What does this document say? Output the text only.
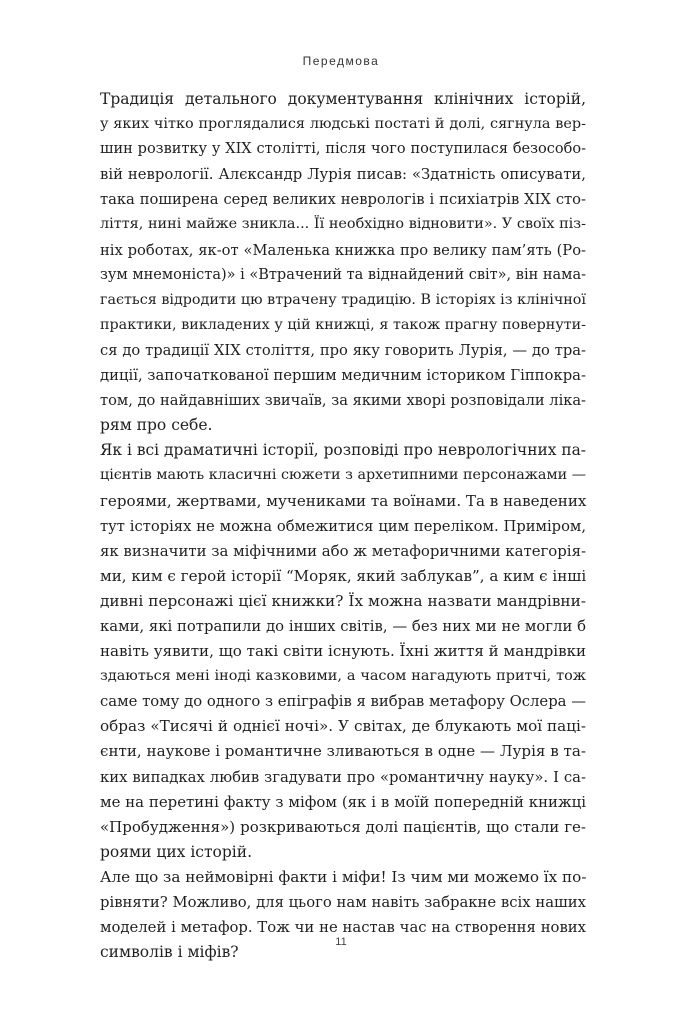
Передмова
Традиція детального документування клінічних історій,
у яких чітко проглядалися людські постаті й долі, сягнула вер-
шин розвитку у XIX столітті, після чого поступилася безособо-
вій неврології. Алєксандр Лурія писав: «Здатність описувати,
така поширена серед великих неврологів і психіатрів XIX сто-
ліття, нині майже зникла... Її необхідно відновити». У своїх піз-
ніх роботах, як-от «Маленька книжка про велику пам’ять (Ро-
зум мнемоніста)» і «Втрачений та віднайдений світ», він нама-
гається відродити цю втрачену традицію. В історіях із клінічної
практики, викладених у цій книжці, я також прагну повернути-
ся до традиції XIX століття, про яку говорить Лурія, — до тра-
диції, започаткованої першим медичним істориком Гіппокра-
том, до найдавніших звичаїв, за якими хворі розповідали ліка-
рям про себе.
Як і всі драматичні історії, розповіді про неврологічних па-
цієнтів мають класичні сюжети з архетипними персонажами —
героями, жертвами, мучениками та воїнами. Та в наведених
тут історіях не можна обмежитися цим переліком. Приміром,
як визначити за міфічними або ж метафоричними категорія-
ми, ким є герой історії “Моряк, який заблукав”, а ким є інші
дивні персонажі цієї книжки? Їх можна назвати мандрівни-
ками, які потрапили до інших світів, — без них ми не могли б
навіть уявити, що такі світи існують. Їхні життя й мандрівки
здаються мені іноді казковими, а часом нагадують притчі, тож
саме тому до одного з епіграфів я вибрав метафору Ослера —
образ «Тисячі й однієї ночі». У світах, де блукають мої паці-
єнти, наукове і романтичне зливаються в одне — Лурія в та-
ких випадках любив згадувати про «романтичну науку». І са-
ме на перетині факту з міфом (як і в моїй попередній книжці
«Пробудження») розкриваються долі пацієнтів, що стали ге-
роями цих історій.
Але що за неймовірні факти і міфи! Із чим ми можемо їх по-
рівняти? Можливо, для цього нам навіть забракне всіх наших
моделей і метафор. Тож чи не настав час на створення нових
символів і міфів?
11
